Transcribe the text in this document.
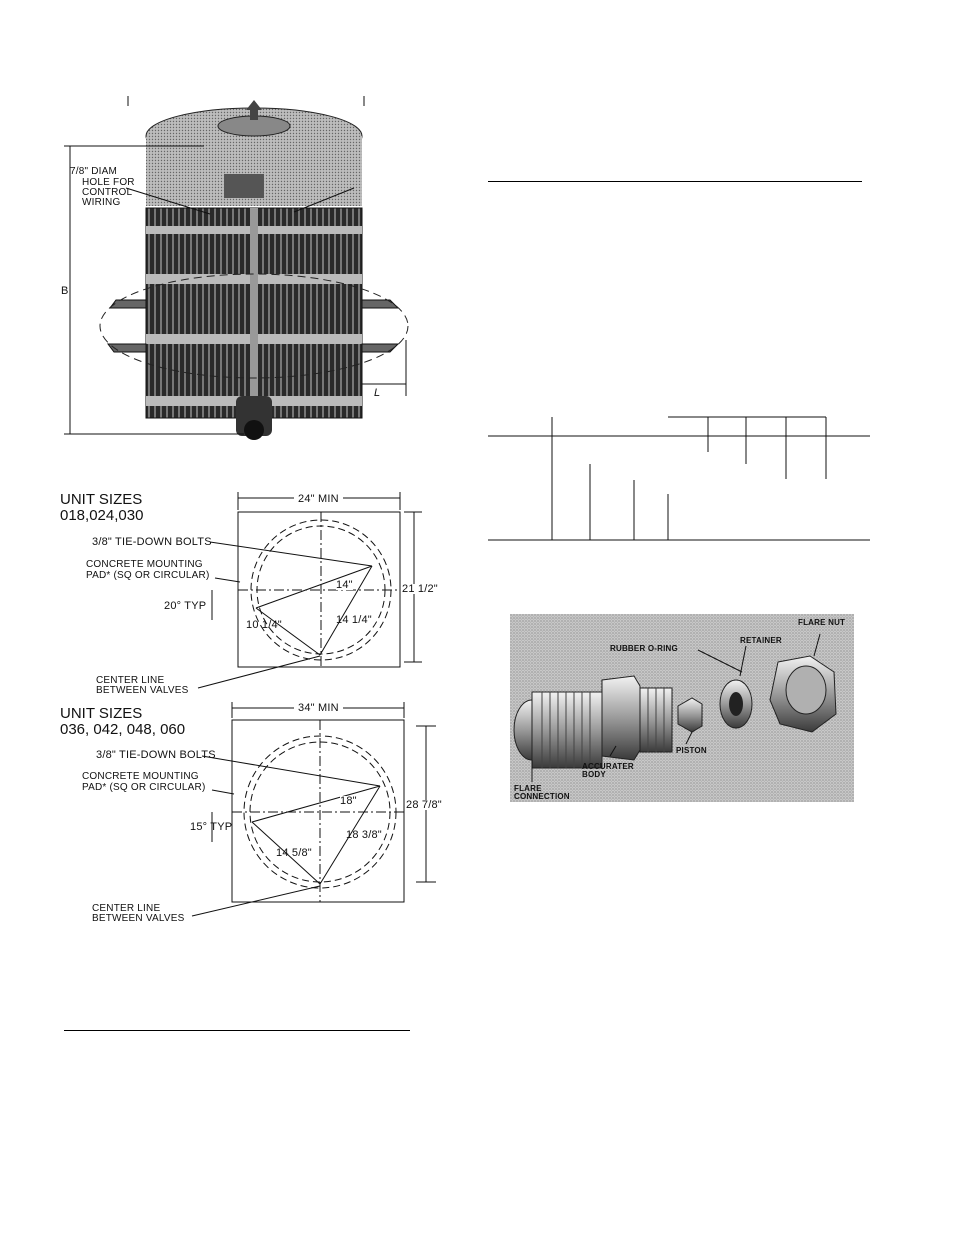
7/8" DIAM
HOLE FOR
CONTROL
WIRING
B
L
UNIT SIZES
018,024,030
24" MIN
3/8" TIE-DOWN BOLTS
CONCRETE MOUNTING
PAD* (SQ OR CIRCULAR)
20° TYP
14"
10 1/4"	14 1/4"
21 1/2"
CENTER LINE
BETWEEN VALVES
UNIT SIZES
036, 042, 048, 060
34" MIN
3/8" TIE-DOWN BOLTS
CONCRETE MOUNTING
PAD* (SQ OR CIRCULAR)
15° TYP
18"
14 5/8"
18 3/8"
28 7/8"
CENTER LINE
BETWEEN VALVES
FLARE NUT
RETAINER
RUBBER O-RING
PISTON
ACCURATER
BODY
FLARE
CONNECTION
